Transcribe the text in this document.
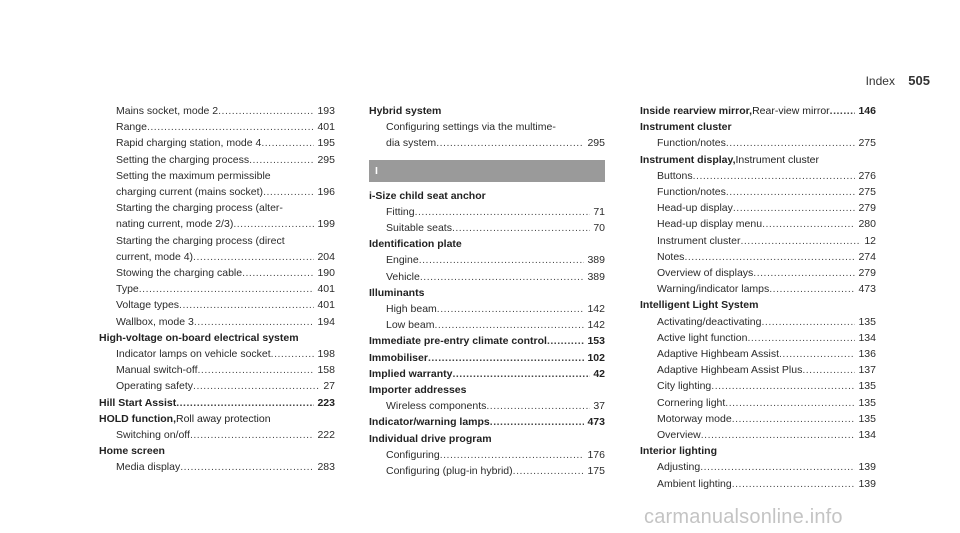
Index 505
Mains socket, mode 2 .....	193
Range .....	401
Rapid charging station, mode 4 .....	195
Setting the charging process .....	295
Setting the maximum permissible
charging current (mains socket) .....	196
Starting the charging process (alter-
nating current, mode 2/3) .....	199
Starting the charging process (direct
current, mode 4) .....	204
Stowing the charging cable .....	190
Type .....	401
Voltage types .....	401
Wallbox, mode 3 .....	194
High-voltage on-board electrical system
Indicator lamps on vehicle socket .....	198
Manual switch-off .....	158
Operating safety .....	27
Hill Start Assist .....	223
HOLD function, Roll away protection
Switching on/off .....	222
Home screen
Media display .....	283
Hybrid system
Configuring settings via the multime-
dia system .....	295
I
i-Size child seat anchor
Fitting .....	71
Suitable seats .....	70
Identification plate
Engine .....	389
Vehicle .....	389
Illuminants
High beam .....	142
Low beam .....	142
Immediate pre-entry climate control .....	153
Immobiliser .....	102
Implied warranty .....	42
Importer addresses
Wireless components .....	37
Indicator/warning lamps .....	473
Individual drive program
Configuring .....	176
Configuring (plug-in hybrid) .....	175
Inside rearview mirror, Rear-view mirror .....	146
Instrument cluster
Function/notes .....	275
Instrument display, Instrument cluster
Buttons .....	276
Function/notes .....	275
Head-up display .....	279
Head-up display menu .....	280
Instrument cluster .....	12
Notes .....	274
Overview of displays .....	279
Warning/indicator lamps .....	473
Intelligent Light System
Activating/deactivating .....	135
Active light function .....	134
Adaptive Highbeam Assist .....	136
Adaptive Highbeam Assist Plus .....	137
City lighting .....	135
Cornering light .....	135
Motorway mode .....	135
Overview .....	134
Interior lighting
Adjusting .....	139
Ambient lighting .....	139
carmanualsonline.info
